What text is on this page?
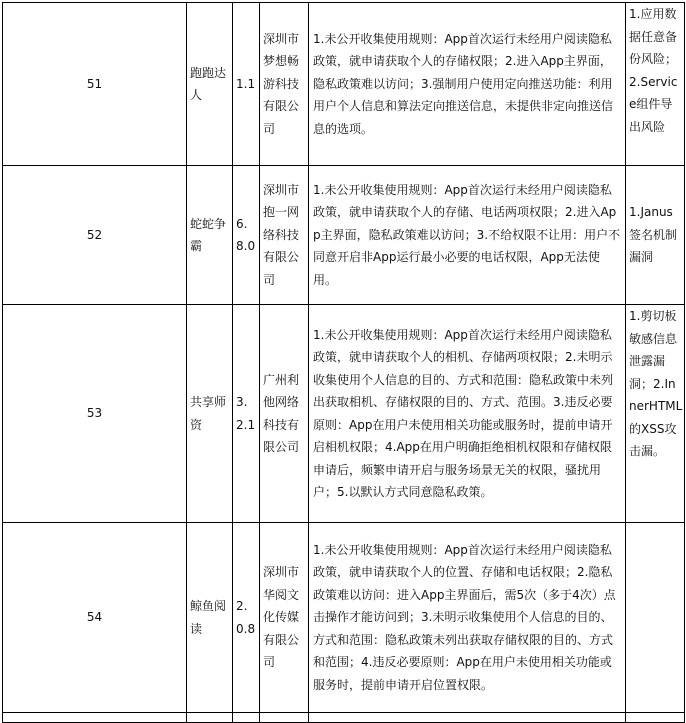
51	跑跑达人	1.1	深圳市梦想畅游科技有限公司	1.未公开收集使用规则：App首次运行未经用户阅读隐私政策，就申请获取个人的存储权限；2.进入App主界面，隐私政策难以访问；3.强制用户使用定向推送功能：利用用户个人信息和算法定向推送信息，未提供非定向推送信息的选项。	1.应用数据任意备份风险；2.Service组件导出风险
52	蛇蛇争霸	6.8.0	深圳市抱一网络科技有限公司	1.未公开收集使用规则：App首次运行未经用户阅读隐私政策，就申请获取个人的存储、电话两项权限；2.进入App主界面，隐私政策难以访问；3.不给权限不让用：用户不同意开启非App运行最小必要的电话权限，App无法使用。	1.Janus签名机制漏洞
53	共享师资	3.2.1	广州利他网络科技有限公司	1.未公开收集使用规则：App首次运行未经用户阅读隐私政策，就申请获取个人的相机、存储两项权限；2.未明示收集使用个人信息的目的、方式和范围：隐私政策中未列出获取相机、存储权限的目的、方式、范围。3.违反必要原则：App在用户未使用相关功能或服务时，提前申请开启相机权限；4.App在用户明确拒绝相机权限和存储权限申请后，频繁申请开启与服务场景无关的权限，骚扰用户；5.以默认方式同意隐私政策。	1.剪切板敏感信息泄露漏洞；2.InnerHTML的XSS攻击漏。
54	鲸鱼阅读	2.0.8	深圳市华阅文化传媒有限公司	1.未公开收集使用规则：App首次运行未经用户阅读隐私政策，就申请获取个人的位置、存储和电话权限；2.隐私政策难以访问：进入App主界面后，需5次（多于4次）点击操作才能访问到；3.未明示收集使用个人信息的目的、方式和范围：隐私政策未列出获取存储权限的目的、方式和范围；4.违反必要原则：App在用户未使用相关功能或服务时，提前申请开启位置权限。	
